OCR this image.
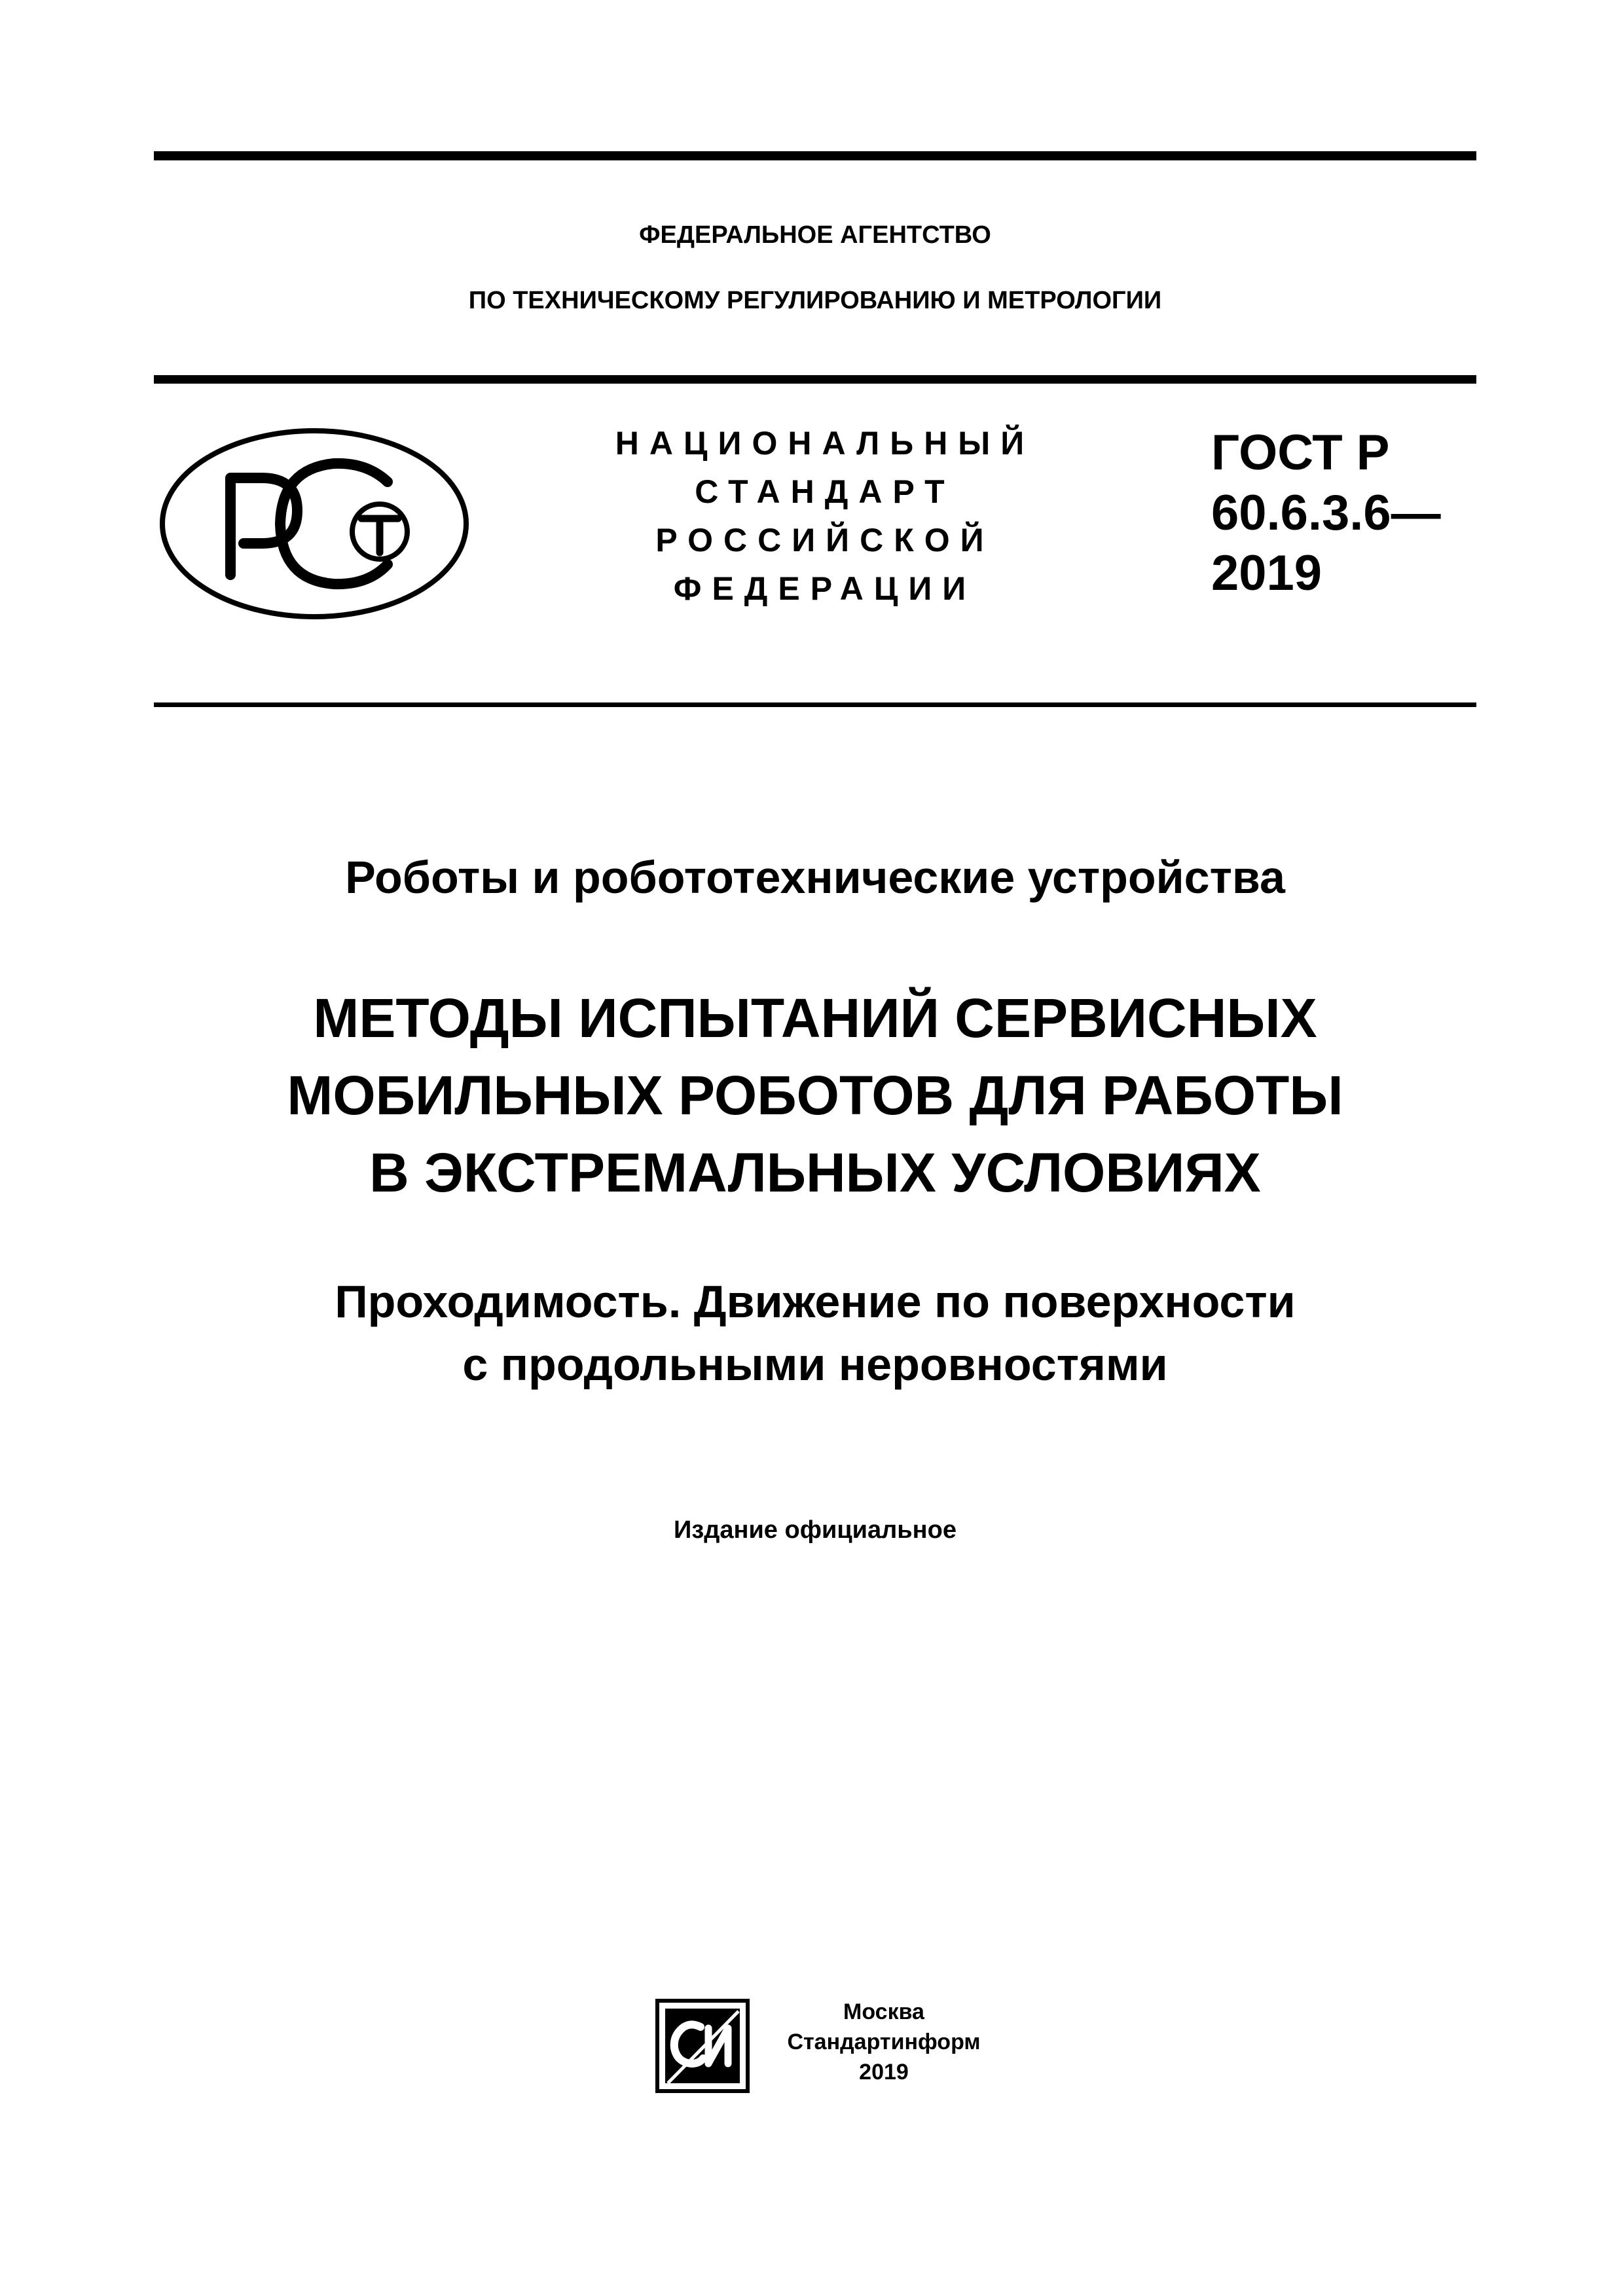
ФЕДЕРАЛЬНОЕ АГЕНТСТВО
ПО ТЕХНИЧЕСКОМУ РЕГУЛИРОВАНИЮ И МЕТРОЛОГИИ
НАЦИОНАЛЬНЫЙ
СТАНДАРТ
РОССИЙСКОЙ
ФЕДЕРАЦИИ
ГОСТ Р
60.6.3.6—
2019
Роботы и робототехнические устройства
МЕТОДЫ ИСПЫТАНИЙ СЕРВИСНЫХ
МОБИЛЬНЫХ РОБОТОВ ДЛЯ РАБОТЫ
В ЭКСТРЕМАЛЬНЫХ УСЛОВИЯХ
Проходимость. Движение по поверхности
с продольными неровностями
Издание официальное
Москва
Стандартинформ
2019
